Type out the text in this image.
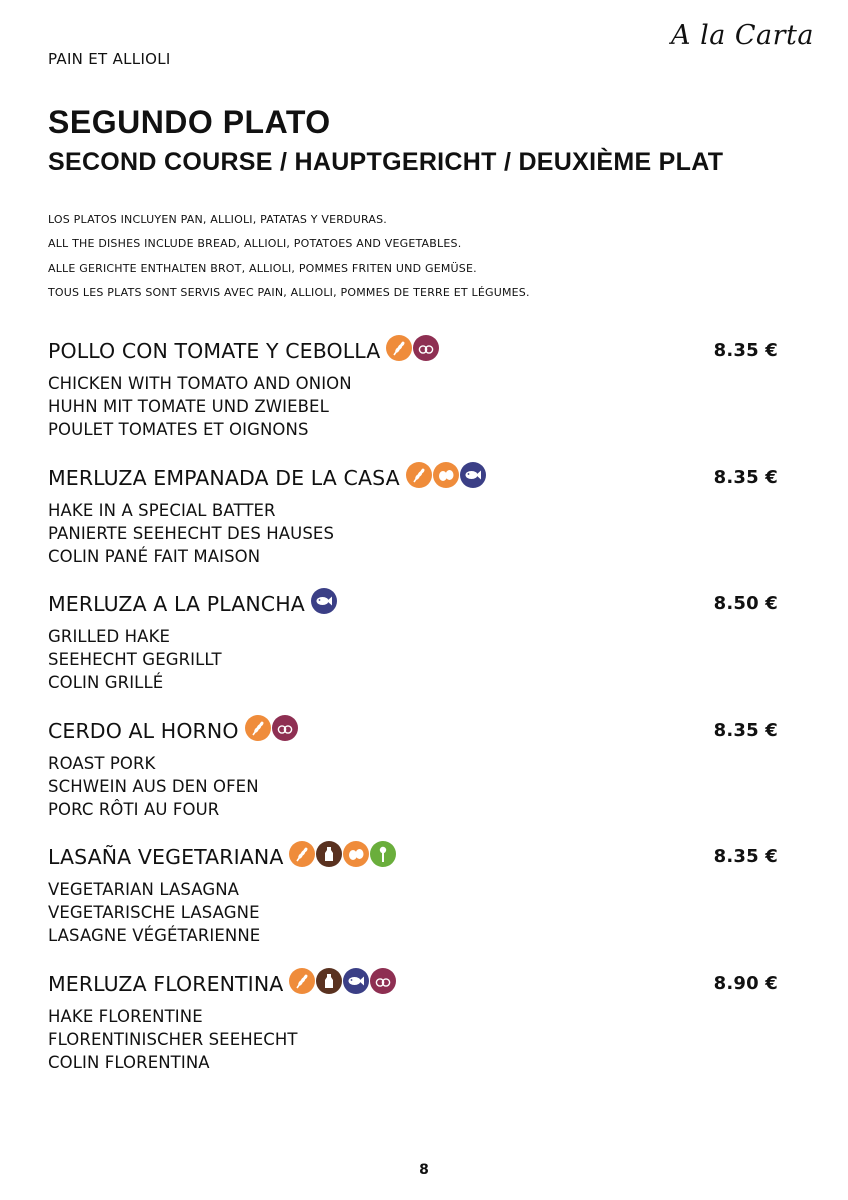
A la Carta
PAIN ET ALLIOLI
SEGUNDO PLATO
SECOND COURSE / HAUPTGERICHT / DEUXIÈME PLAT
LOS PLATOS INCLUYEN PAN, ALLIOLI, PATATAS Y VERDURAS.
ALL THE DISHES INCLUDE BREAD, ALLIOLI, POTATOES AND VEGETABLES.
ALLE GERICHTE ENTHALTEN BROT, ALLIOLI, POMMES FRITEN UND GEMÜSE.
TOUS LES PLATS SONT SERVIS AVEC PAIN, ALLIOLI, POMMES DE TERRE ET LÉGUMES.
POLLO CON TOMATE Y CEBOLLA	8.35 €
CHICKEN WITH TOMATO AND ONION
HUHN MIT TOMATE UND ZWIEBEL
POULET TOMATES ET OIGNONS
MERLUZA EMPANADA DE LA CASA	8.35 €
HAKE IN A SPECIAL BATTER
PANIERTE SEEHECHT DES HAUSES
COLIN PANÉ FAIT MAISON
MERLUZA A LA PLANCHA	8.50 €
GRILLED HAKE
SEEHECHT GEGRILLT
COLIN GRILLÉ
CERDO AL HORNO	8.35 €
ROAST PORK
SCHWEIN AUS DEN OFEN
PORC RÔTI AU FOUR
LASAÑA VEGETARIANA	8.35 €
VEGETARIAN LASAGNA
VEGETARISCHE LASAGNE
LASAGNE VÉGÉTARIENNE
MERLUZA FLORENTINA	8.90 €
HAKE FLORENTINE
FLORENTINISCHER SEEHECHT
COLIN FLORENTINA
8
